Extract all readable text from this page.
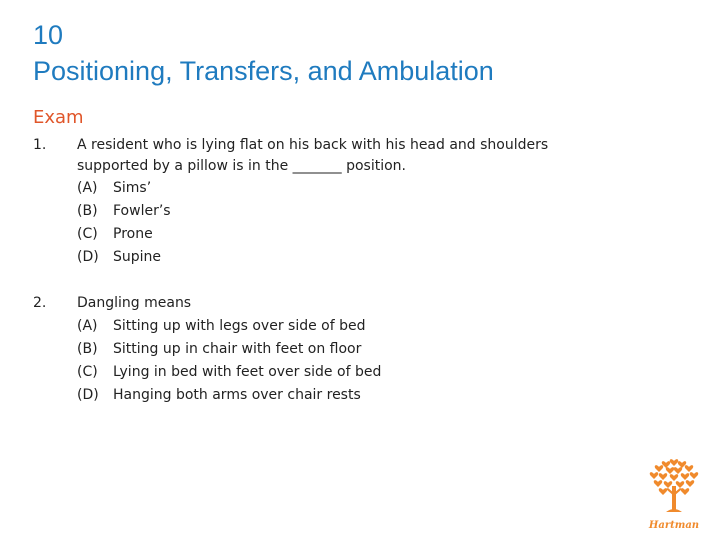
10
Positioning, Transfers, and Ambulation
Exam
1. A resident who is lying flat on his back with his head and shoulders
supported by a pillow is in the _______ position.
(A) Sims’
(B) Fowler’s
(C) Prone
(D) Supine
2. Dangling means
(A) Sitting up with legs over side of bed
(B) Sitting up in chair with feet on floor
(C) Lying in bed with feet over side of bed
(D) Hanging both arms over chair rests
Hartman
